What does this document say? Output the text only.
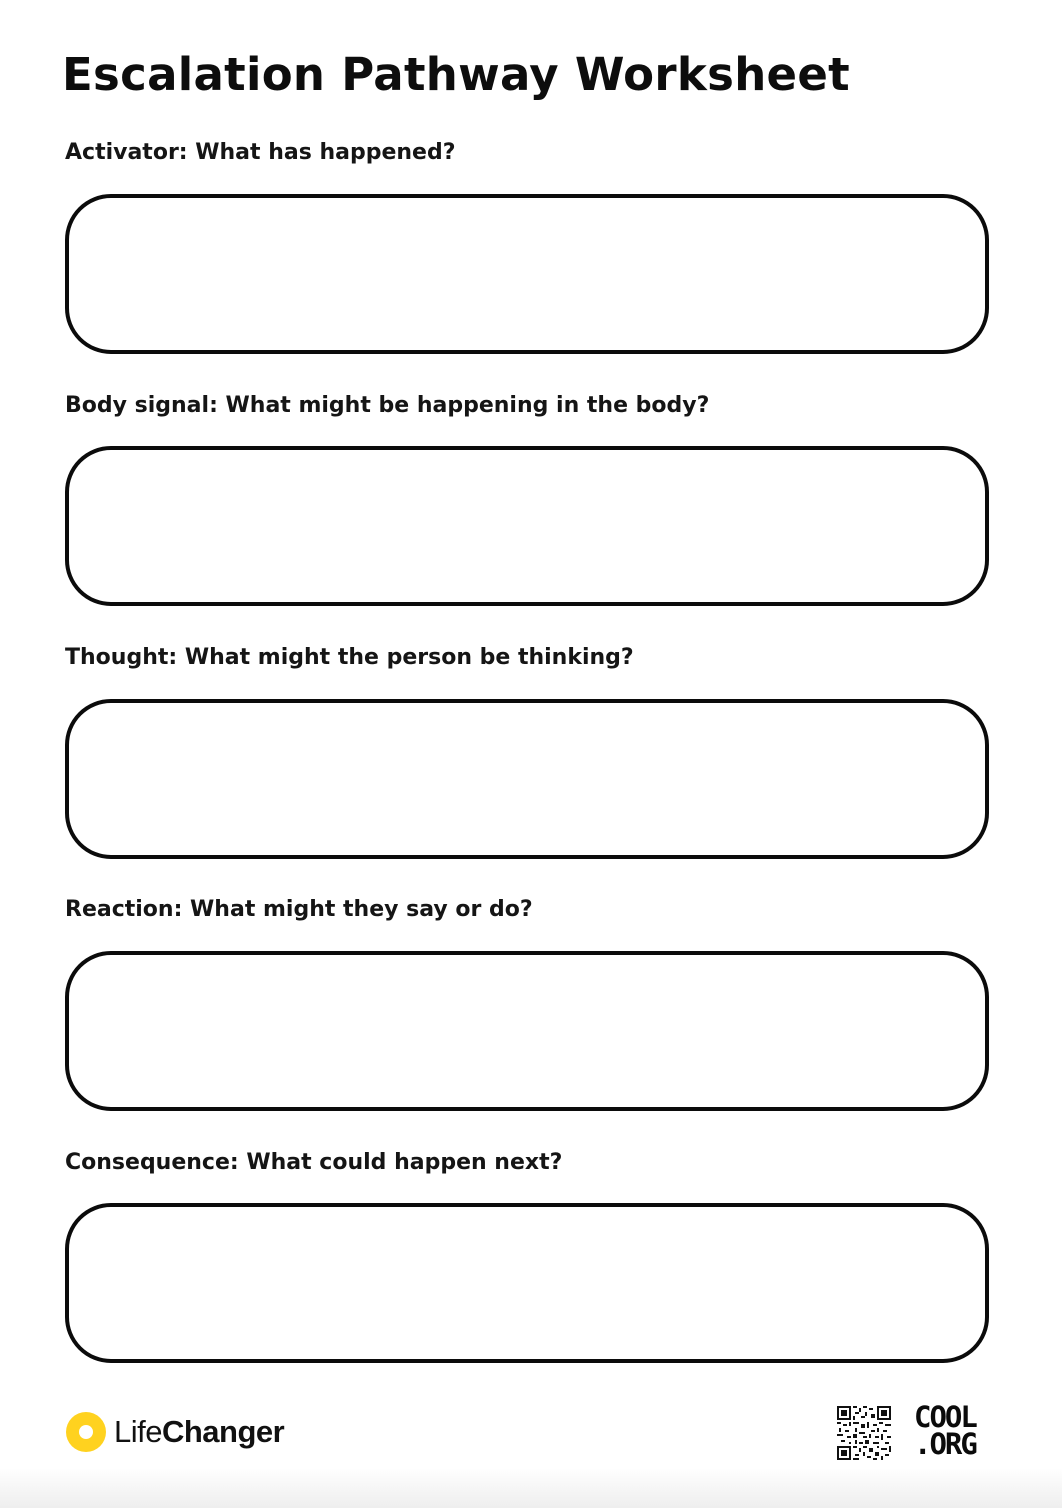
Escalation Pathway Worksheet

Activator: What has happened?

Body signal: What might be happening in the body?

Thought: What might the person be thinking?

Reaction: What might they say or do?

Consequence: What could happen next?

LifeChanger	COOL
.ORG
